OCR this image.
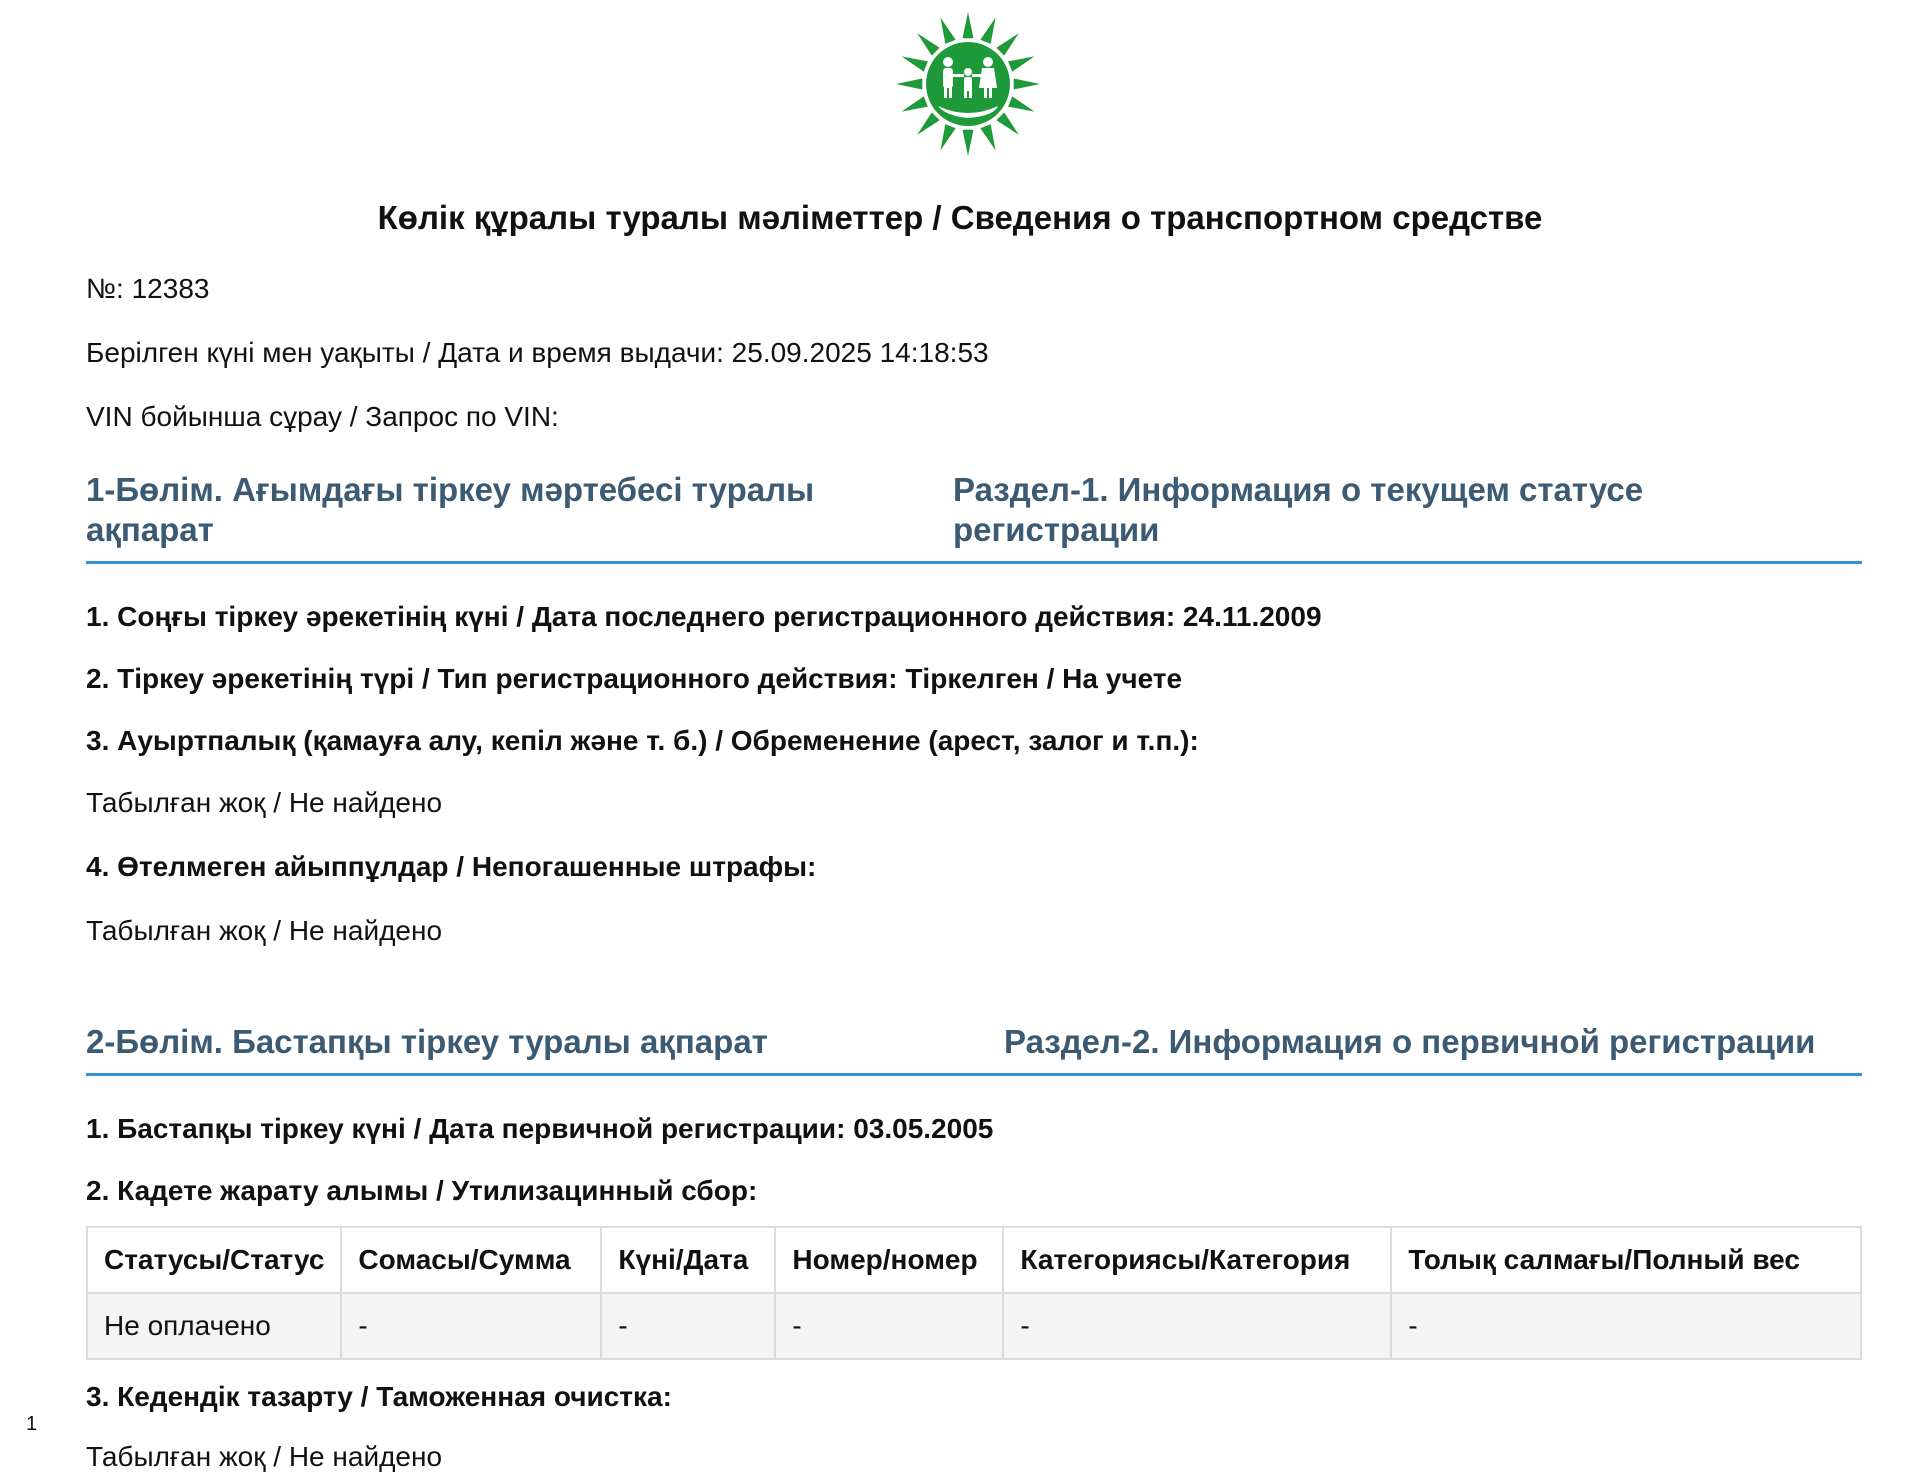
Көлік құралы туралы мәліметтер / Сведения о транспортном средстве
№: 12383
Берілген күні мен уақыты / Дата и время выдачи: 25.09.2025 14:18:53
VIN бойынша сұрау / Запрос по VIN:
1-Бөлім. Ағымдағы тіркеу мәртебесі туралы
ақпарат
Раздел-1. Информация о текущем статусе
регистрации
1. Соңғы тіркеу әрекетінің күні / Дата последнего регистрационного действия: 24.11.2009
2. Тіркеу әрекетінің түрі / Тип регистрационного действия: Тіркелген / На учете
3. Ауыртпалық (қамауға алу, кепіл және т. б.) / Обременение (арест, залог и т.п.):
Табылған жоқ / Не найдено
4. Өтелмеген айыппұлдар / Непогашенные штрафы:
Табылған жоқ / Не найдено
2-Бөлім. Бастапқы тіркеу туралы ақпарат	Раздел-2. Информация о первичной регистрации
1. Бастапқы тіркеу күні / Дата первичной регистрации: 03.05.2005
2. Кадете жарату алымы / Утилизацинный сбор:
Статусы/Статус	Сомасы/Сумма	Күні/Дата	Номер/номер	Категориясы/Категория	Толық салмағы/Полный вес
Не оплачено	-	-	-	-	-
3. Кедендік тазарту / Таможенная очистка:
Табылған жоқ / Не найдено
1
